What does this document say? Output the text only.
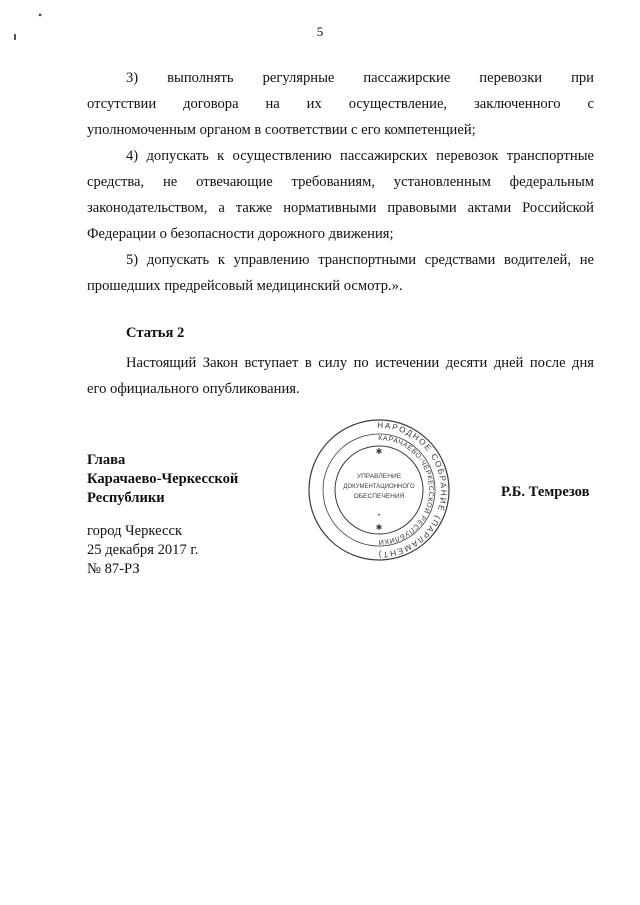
•
5

3) выполнять регулярные пассажирские перевозки при

отсутствии договора на их осуществление, заключенного с
уполномоченным органом в соответствии с его компетенцией;

4) допускать к осуществлению пассажирских перевозок транспортные

средства, не отвечающие требованиям, установленным федеральным
законодательством, а также нормативными правовыми актами Российской
Федерации о безопасности дорожного движения;

5) допускать к управлению транспортными средствами водителей, не

прошедших предрейсовый медицинский осмотр.».

Статья 2

Настоящий Закон вступает в силу по истечении десяти дней после дня

его официального опубликования.

Глава
Карачаево-Черкесской
Республики	Р.Б. Темрезов
город Черкесск
25 декабря 2017 г.
№ 87-РЗ
НАРОДНОЕ СОБРАНИЕ (ПАРЛАМЕНТ)
КАРАЧАЕВО-ЧЕРКЕССКОЙ РЕСПУБЛИКИ
УПРАВЛЕНИЕ
ДОКУМЕНТАЦИОННОГО
ОБЕСПЕЧЕНИЯ
✱
✱
•
